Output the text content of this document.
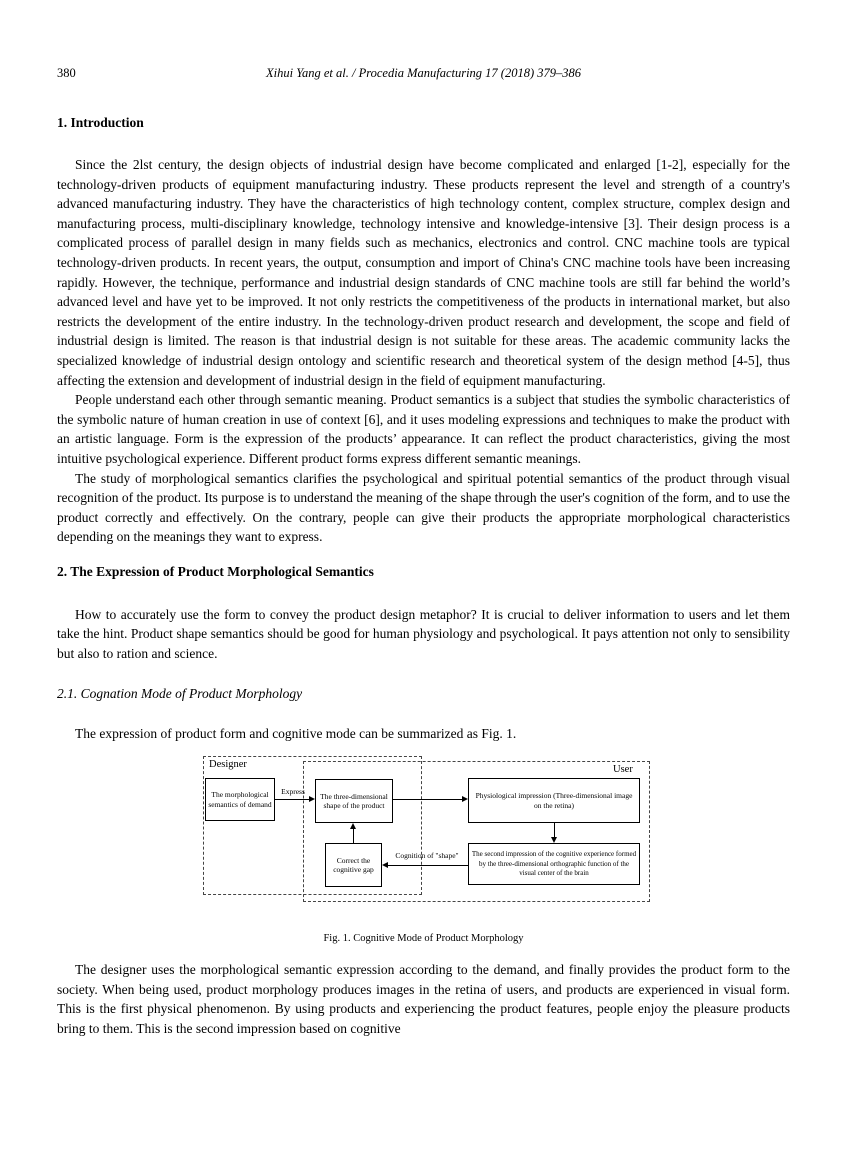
380	Xihui Yang et al. / Procedia Manufacturing 17 (2018) 379–386
1. Introduction

Since the 2lst century, the design objects of industrial design have become complicated and enlarged [1-2], especially for the technology-driven products of equipment manufacturing industry. These products represent the level and strength of a country's advanced manufacturing industry. They have the characteristics of high technology content, complex structure, complex design and manufacturing process, multi-disciplinary knowledge, technology intensive and knowledge-intensive [3]. Their design process is a complicated process of parallel design in many fields such as mechanics, electronics and control. CNC machine tools are typical technology-driven products. In recent years, the output, consumption and import of China's CNC machine tools have been increasing rapidly. However, the technique, performance and industrial design standards of CNC machine tools are still far behind the world’s advanced level and have yet to be improved. It not only restricts the competitiveness of the products in international market, but also restricts the development of the entire industry. In the technology-driven product research and development, the scope and field of industrial design is limited. The reason is that industrial design is not suitable for these areas. The academic community lacks the specialized knowledge of industrial design ontology and scientific research and theoretical system of the design method [4-5], thus affecting the extension and development of industrial design in the field of equipment manufacturing.

People understand each other through semantic meaning. Product semantics is a subject that studies the symbolic characteristics of the symbolic nature of human creation in use of context [6], and it uses modeling expressions and techniques to make the product with an artistic language. Form is the expression of the products’ appearance. It can reflect the product characteristics, giving the most intuitive psychological experience. Different product forms express different semantic meanings.

The study of morphological semantics clarifies the psychological and spiritual potential semantics of the product through visual recognition of the product. Its purpose is to understand the meaning of the shape through the user's cognition of the form, and to use the product correctly and effectively. On the contrary, people can give their products the appropriate morphological characteristics depending on the meanings they want to express.

2. The Expression of Product Morphological Semantics

How to accurately use the form to convey the product design metaphor? It is crucial to deliver information to users and let them take the hint. Product shape semantics should be good for human physiology and psychological. It pays attention not only to sensibility but also to ration and science.

2.1. Cognation Mode of Product Morphology

The expression of product form and cognitive mode can be summarized as Fig. 1.

Designer	User
The morphological semantics of demand
The three-dimensional shape of the product
Physiological impression (Three-dimensional image on the retina)
The second impression of the cognitive experience formed by the three-dimensional orthographic function of the visual center of the brain
Correct the cognitive gap
Express
Cognition of "shape"
Fig. 1. Cognitive Mode of Product Morphology

The designer uses the morphological semantic expression according to the demand, and finally provides the product form to the society. When being used, product morphology produces images in the retina of users, and products are experienced in visual form. This is the first physical phenomenon. By using products and experiencing the product features, people enjoy the pleasure products bring to them. This is the second impression based on cognitive
